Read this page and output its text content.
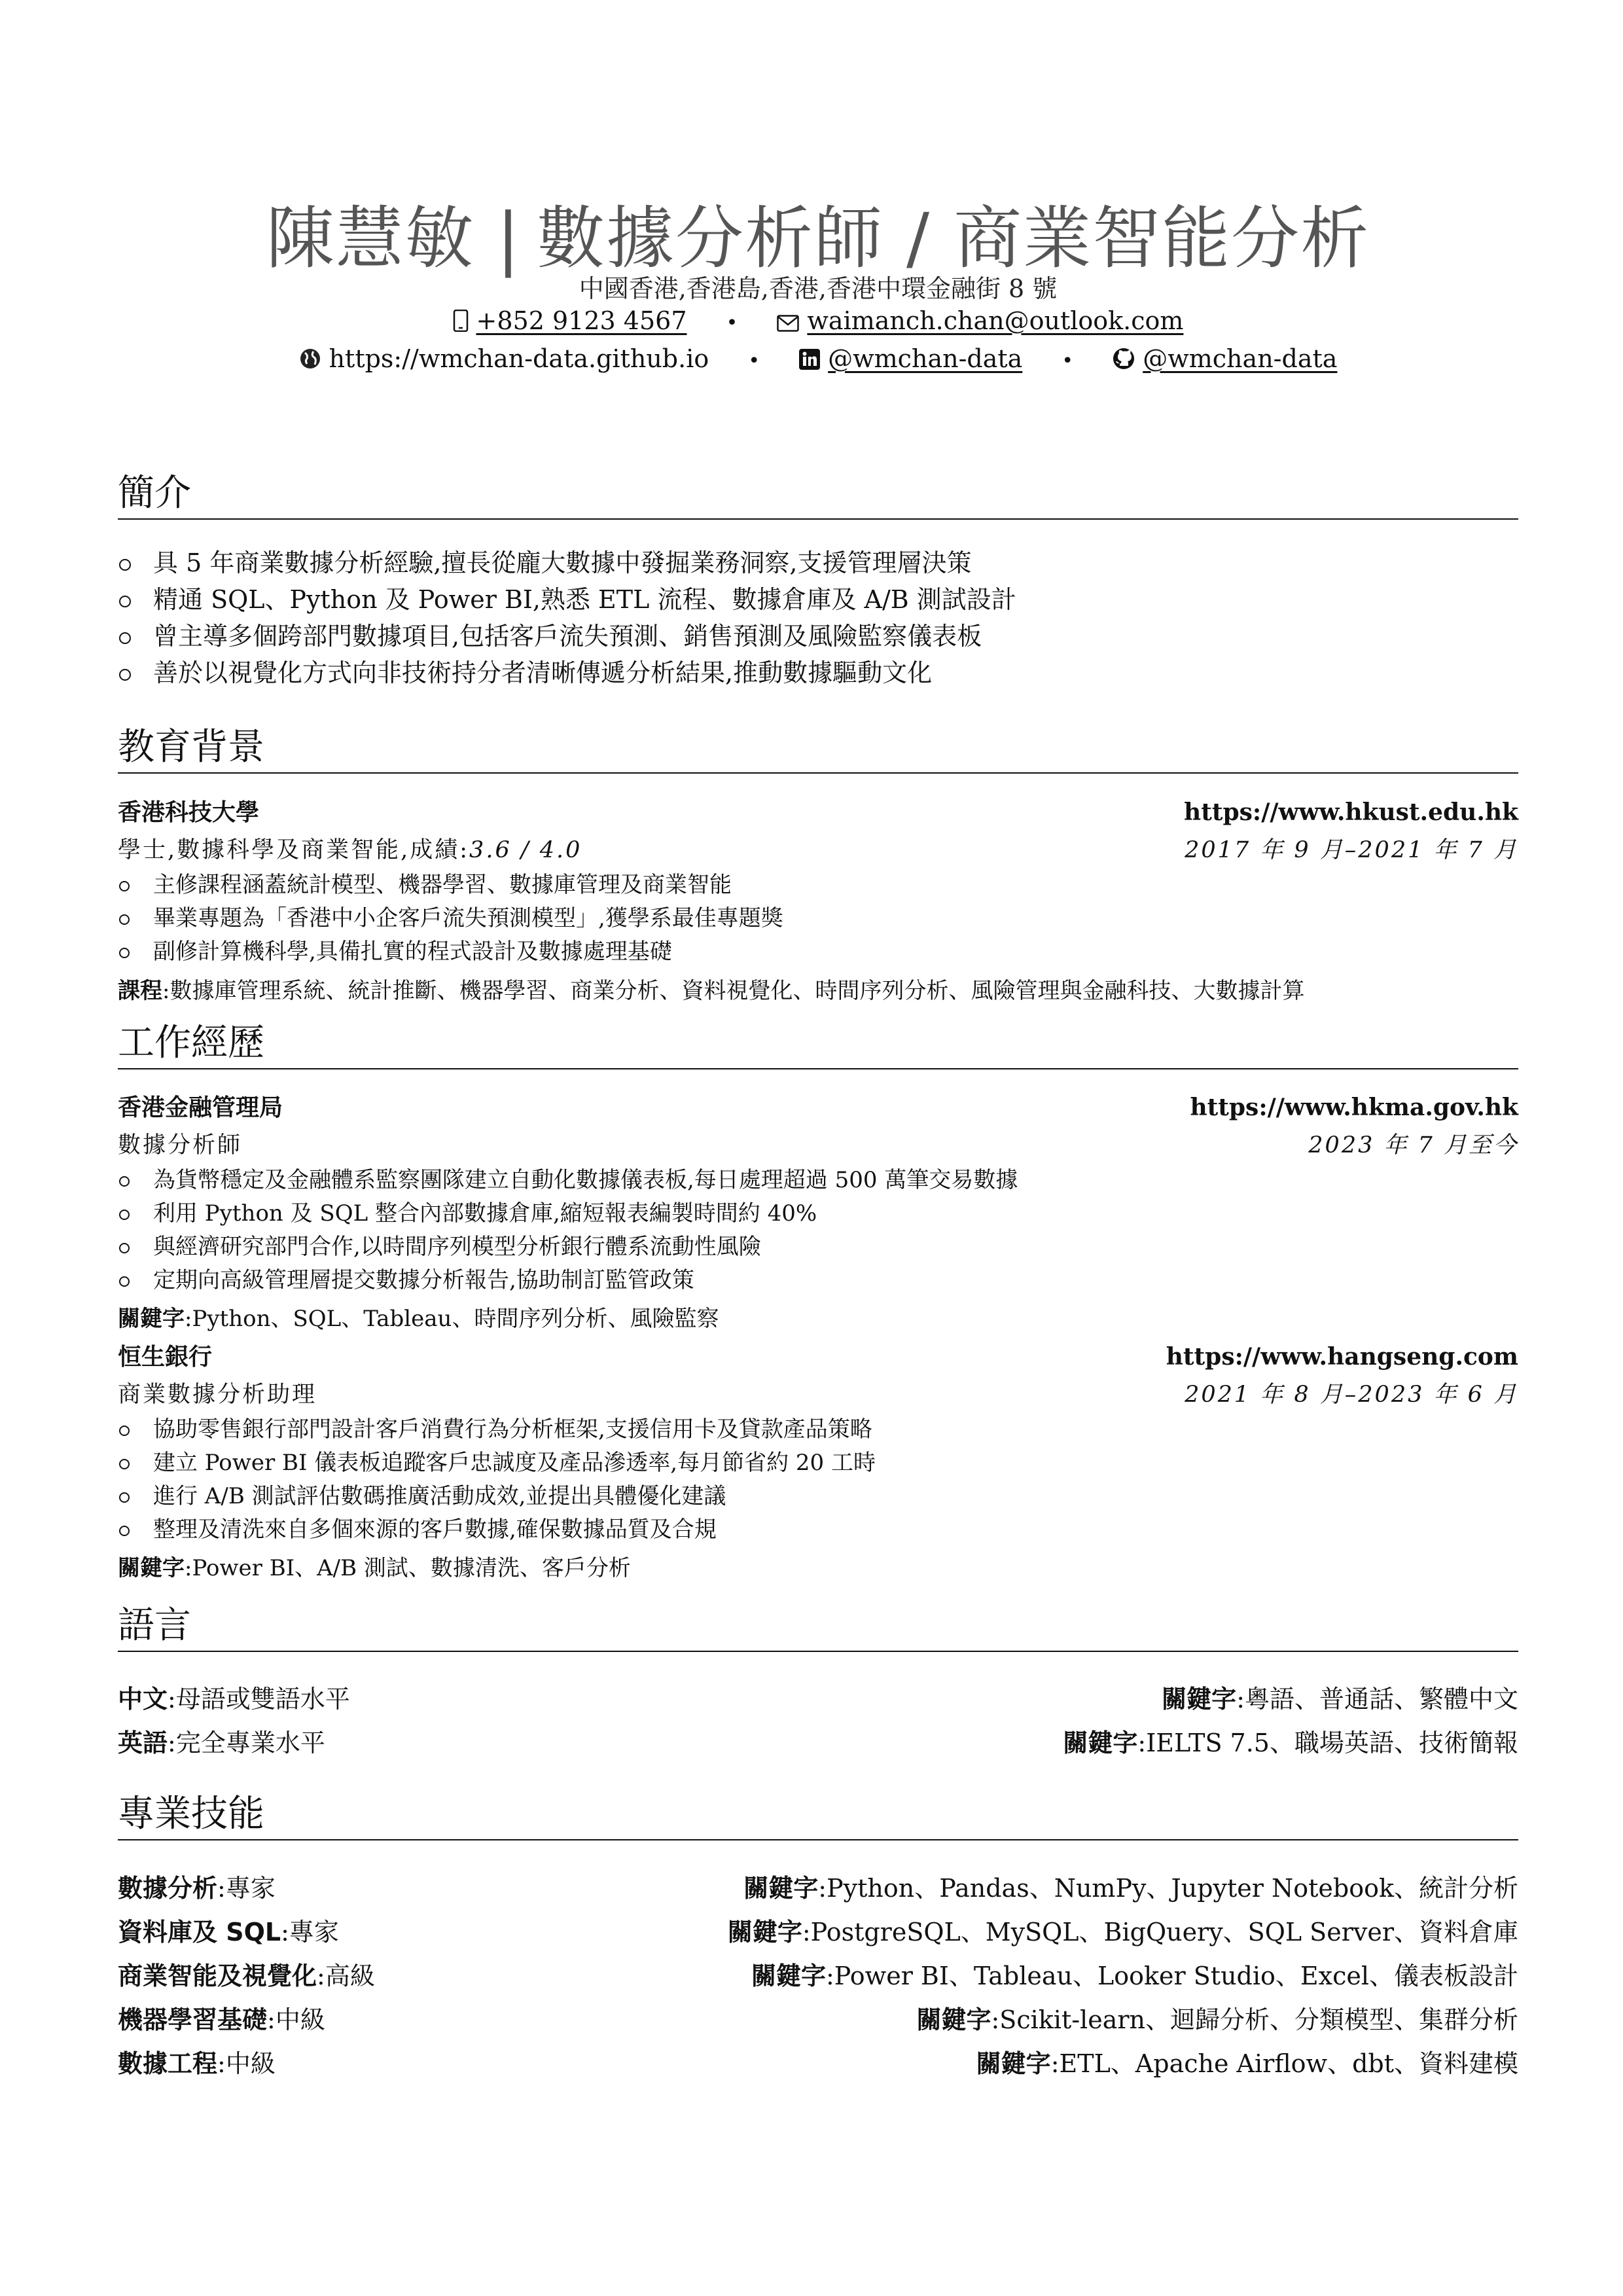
陳慧敏 | 數據分析師 / 商業智能分析
中國香港,香港島,香港,香港中環金融街 8 號
+852 9123 4567 •	waimanch.chan@outlook.com
https://wmchan-data.github.io •	@wmchan-data •	@wmchan-data
簡介
具 5 年商業數據分析經驗,擅長從龐大數據中發掘業務洞察,支援管理層決策
精通 SQL、Python 及 Power BI,熟悉 ETL 流程、數據倉庫及 A/B 測試設計
曾主導多個跨部門數據項目,包括客戶流失預測、銷售預測及風險監察儀表板
善於以視覺化方式向非技術持分者清晰傳遞分析結果,推動數據驅動文化
教育背景
香港科技大學	https://www.hkust.edu.hk
學士,數據科學及商業智能,成績:3.6 / 4.0	2017 年 9 月–2021 年 7 月
主修課程涵蓋統計模型、機器學習、數據庫管理及商業智能
畢業專題為「香港中小企客戶流失預測模型」,獲學系最佳專題獎
副修計算機科學,具備扎實的程式設計及數據處理基礎
課程:數據庫管理系統、統計推斷、機器學習、商業分析、資料視覺化、時間序列分析、風險管理與金融科技、大數據計算
工作經歷
香港金融管理局	https://www.hkma.gov.hk
數據分析師	2023 年 7 月至今
為貨幣穩定及金融體系監察團隊建立自動化數據儀表板,每日處理超過 500 萬筆交易數據
利用 Python 及 SQL 整合內部數據倉庫,縮短報表編製時間約 40%
與經濟研究部門合作,以時間序列模型分析銀行體系流動性風險
定期向高級管理層提交數據分析報告,協助制訂監管政策
關鍵字:Python、SQL、Tableau、時間序列分析、風險監察
恒生銀行	https://www.hangseng.com
商業數據分析助理	2021 年 8 月–2023 年 6 月
協助零售銀行部門設計客戶消費行為分析框架,支援信用卡及貸款產品策略
建立 Power BI 儀表板追蹤客戶忠誠度及產品滲透率,每月節省約 20 工時
進行 A/B 測試評估數碼推廣活動成效,並提出具體優化建議
整理及清洗來自多個來源的客戶數據,確保數據品質及合規
關鍵字:Power BI、A/B 測試、數據清洗、客戶分析
語言
中文:母語或雙語水平	關鍵字:粵語、普通話、繁體中文
英語:完全專業水平	關鍵字:IELTS 7.5、職場英語、技術簡報
專業技能
數據分析:專家	關鍵字:Python、Pandas、NumPy、Jupyter Notebook、統計分析
資料庫及 SQL:專家	關鍵字:PostgreSQL、MySQL、BigQuery、SQL Server、資料倉庫
商業智能及視覺化:高級	關鍵字:Power BI、Tableau、Looker Studio、Excel、儀表板設計
機器學習基礎:中級	關鍵字:Scikit-learn、迴歸分析、分類模型、集群分析
數據工程:中級	關鍵字:ETL、Apache Airflow、dbt、資料建模
